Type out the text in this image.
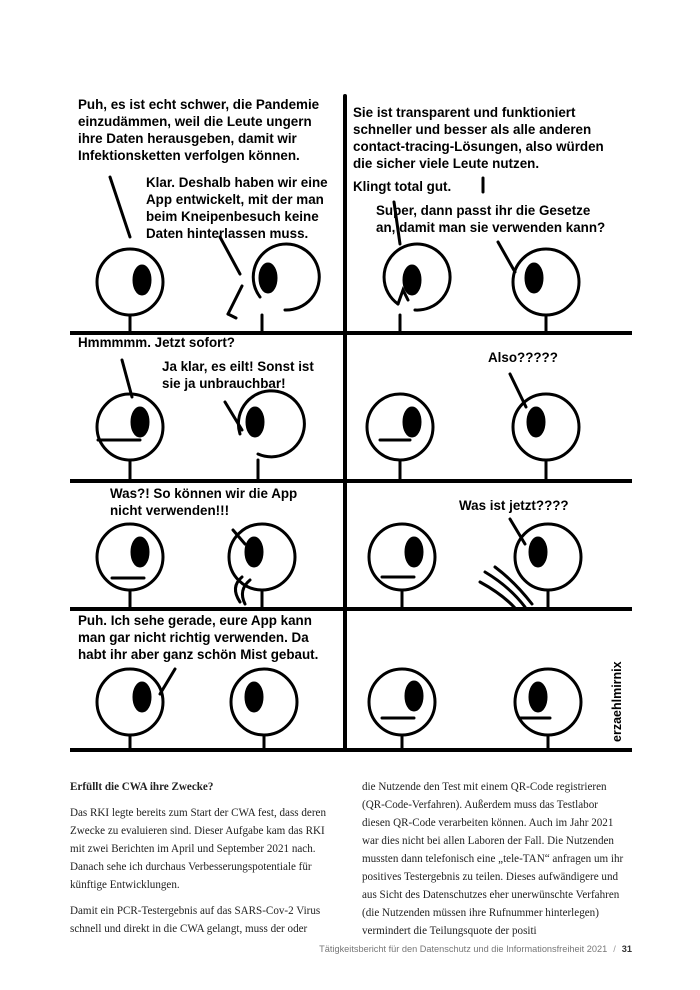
Puh, es ist echt schwer, die Pandemie
einzudämmen, weil die Leute ungern
ihre Daten herausgeben, damit wir
Infektionsketten verfolgen können.
Klar. Deshalb haben wir eine
App entwickelt, mit der man
beim Kneipenbesuch keine
Daten hinterlassen muss.
Sie ist transparent und funktioniert
schneller und besser als alle anderen
contact-tracing-Lösungen, also würden
die sicher viele Leute nutzen.
Klingt total gut.
Super, dann passt ihr die Gesetze
an, damit man sie verwenden kann?
Hmmmmm. Jetzt sofort?
Ja klar, es eilt! Sonst ist
sie ja unbrauchbar!
Also?????
Was?! So können wir die App
nicht verwenden!!!	Was ist jetzt????
Puh. Ich sehe gerade, eure App kann
man gar nicht richtig verwenden. Da
habt ihr aber ganz schön Mist gebaut.
erzaehlmirnix
Erfüllt die CWA ihre Zwecke?

Das RKI legte bereits zum Start der CWA fest, dass deren Zwecke zu evaluieren sind. Dieser Aufgabe kam das RKI mit zwei Berichten im April und September 2021 nach. Danach sehe ich durchaus Verbesserungspotentiale für künftige Entwicklungen.

Damit ein PCR-Testergebnis auf das SARS-Cov-2 Virus schnell und direkt in die CWA gelangt, muss der oder

die Nutzende den Test mit einem QR-Code registrieren (QR-Code-Verfahren). Außerdem muss das Testlabor diesen QR-Code verarbeiten können. Auch im Jahr 2021 war dies nicht bei allen Laboren der Fall. Die Nutzenden mussten dann telefonisch eine „tele-TAN“ anfragen um ihr positives Testergebnis zu teilen. Dieses aufwändigere und aus Sicht des Datenschutzes eher unerwünschte Verfahren (die Nutzenden müssen ihre Rufnummer hinterlegen) vermindert die Teilungsquote der positi

Tätigkeitsbericht für den Datenschutz und die Informationsfreiheit 2021 / 31
